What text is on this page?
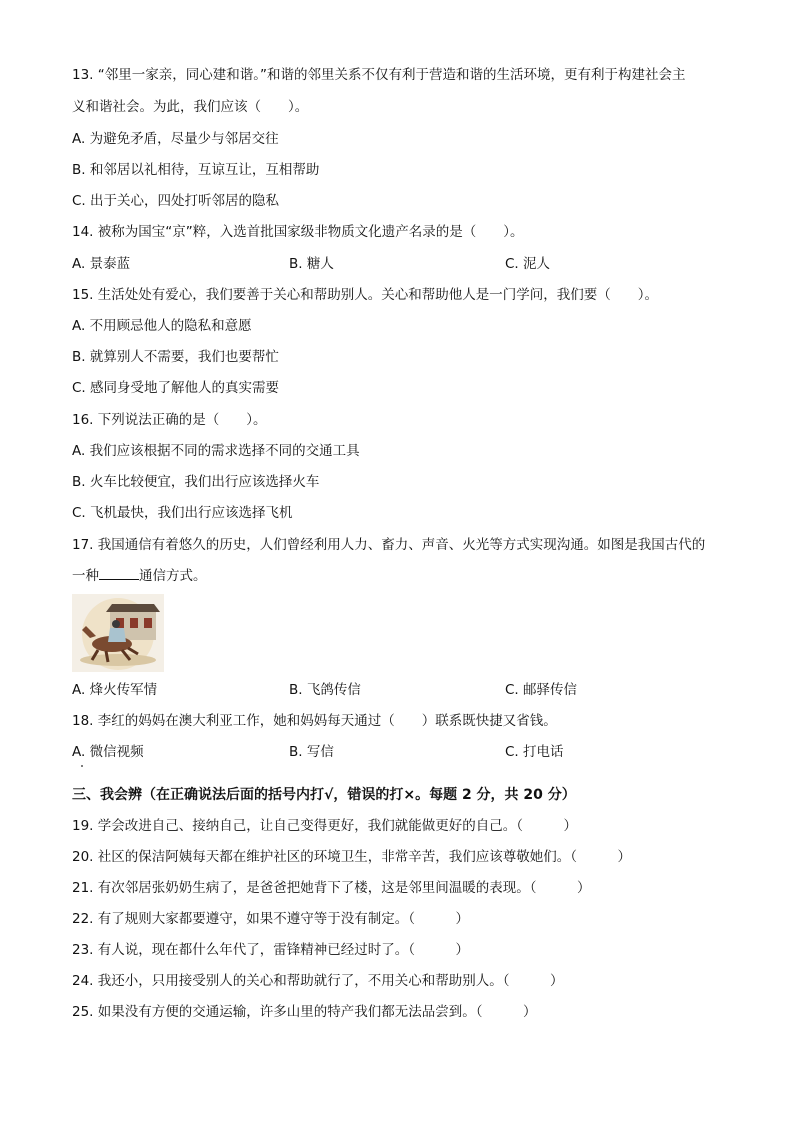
13. “邻里一家亲，同心建和谐。”和谐的邻里关系不仅有利于营造和谐的生活环境，更有利于构建社会主
义和谐社会。为此，我们应该（　　）。
A. 为避免矛盾，尽量少与邻居交往
B. 和邻居以礼相待，互谅互让，互相帮助
C. 出于关心，四处打听邻居的隐私
14. 被称为国宝“京”粹，入选首批国家级非物质文化遗产名录的是（　　）。
A. 景泰蓝	B. 糖人	C. 泥人
15. 生活处处有爱心，我们要善于关心和帮助别人。关心和帮助他人是一门学问，我们要（　　）。
A. 不用顾忌他人的隐私和意愿
B. 就算别人不需要，我们也要帮忙
C. 感同身受地了解他人的真实需要
16. 下列说法正确的是（　　）。
A. 我们应该根据不同的需求选择不同的交通工具
B. 火车比较便宜，我们出行应该选择火车
C. 飞机最快，我们出行应该选择飞机
17. 我国通信有着悠久的历史，人们曾经利用人力、畜力、声音、火光等方式实现沟通。如图是我国古代的
一种	通信方式。
A. 烽火传军情	B. 飞鸽传信	C. 邮驿传信
18. 李红的妈妈在澳大利亚工作，她和妈妈每天通过（　　）联系既快捷又省钱。
A. 微信视频	B. 写信	C. 打电话
三、我会辨（在正确说法后面的括号内打√，错误的打×。每题 2 分，共 20 分）
19. 学会改进自己、接纳自己，让自己变得更好，我们就能做更好的自己。（　　　）
20. 社区的保洁阿姨每天都在维护社区的环境卫生，非常辛苦，我们应该尊敬她们。（　　　）
21. 有次邻居张奶奶生病了，是爸爸把她背下了楼，这是邻里间温暖的表现。（　　　）
22. 有了规则大家都要遵守，如果不遵守等于没有制定。（　　　）
23. 有人说，现在都什么年代了，雷锋精神已经过时了。（　　　）
24. 我还小，只用接受别人的关心和帮助就行了，不用关心和帮助别人。（　　　）
25. 如果没有方便的交通运输，许多山里的特产我们都无法品尝到。（　　　）
